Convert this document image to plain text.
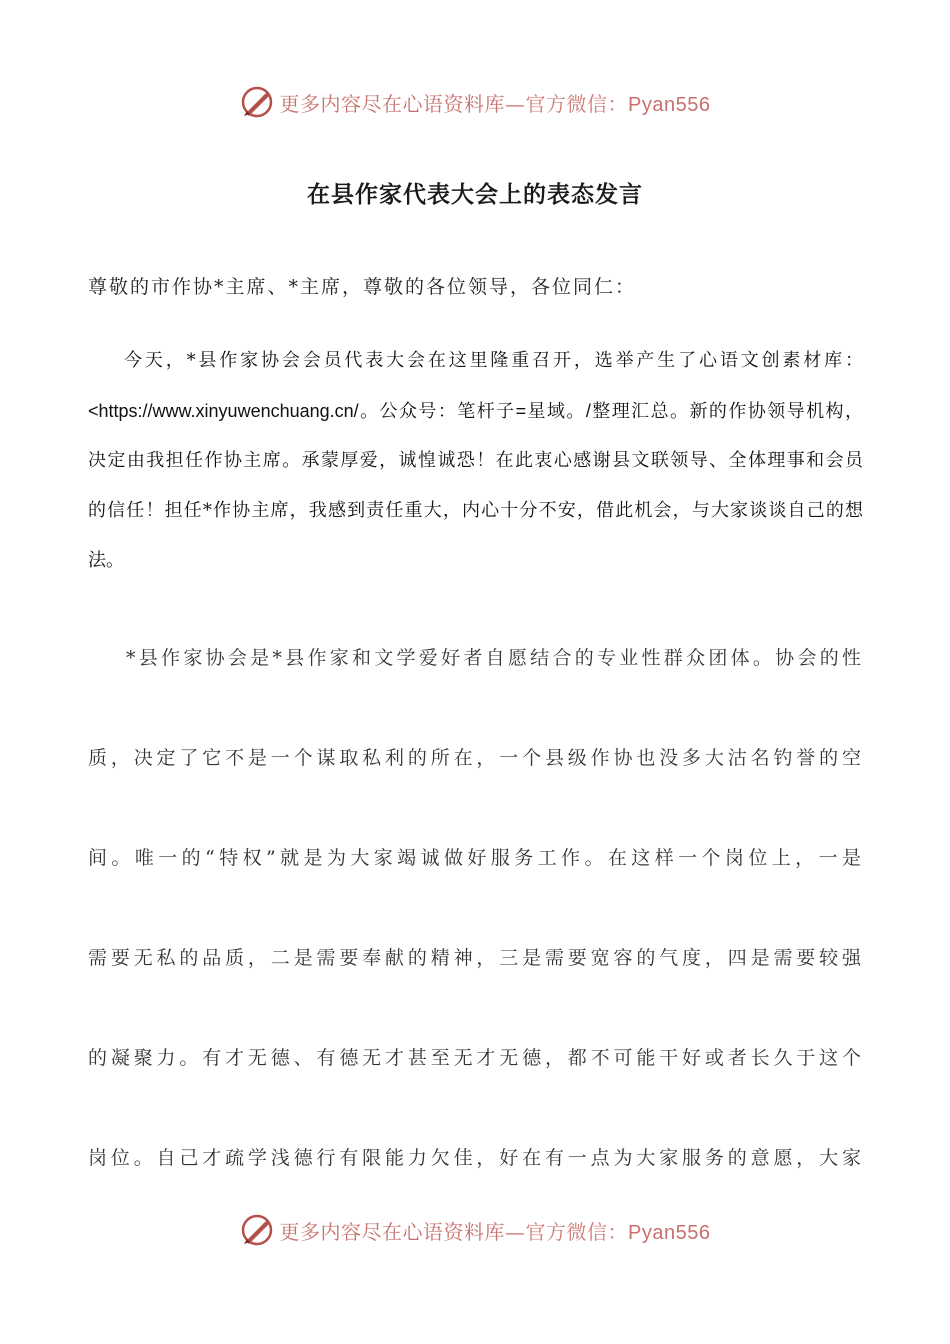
更多内容尽在心语资料库—官方微信：Pyan556
在县作家代表大会上的表态发言
尊敬的市作协*主席、*主席，尊敬的各位领导，各位同仁：
今天，*县作家协会会员代表大会在这里隆重召开，选举产生了心语文创素材库：
<https://www.xinyuwenchuang.cn/。公众号：笔杆子=星域。/整理汇总。新的作协领导机构，
决定由我担任作协主席。承蒙厚爱，诚惶诚恐！在此衷心感谢县文联领导、全体理事和会员
的信任！担任*作协主席，我感到责任重大，内心十分不安，借此机会，与大家谈谈自己的想
法。
*县作家协会是*县作家和文学爱好者自愿结合的专业性群众团体。协会的性
质，决定了它不是一个谋取私利的所在，一个县级作协也没多大沽名钓誉的空
间。唯一的“特权”就是为大家竭诚做好服务工作。在这样一个岗位上，一是
需要无私的品质，二是需要奉献的精神，三是需要宽容的气度，四是需要较强
的凝聚力。有才无德、有德无才甚至无才无德，都不可能干好或者长久于这个
岗位。自己才疏学浅德行有限能力欠佳，好在有一点为大家服务的意愿，大家
更多内容尽在心语资料库—官方微信：Pyan556
